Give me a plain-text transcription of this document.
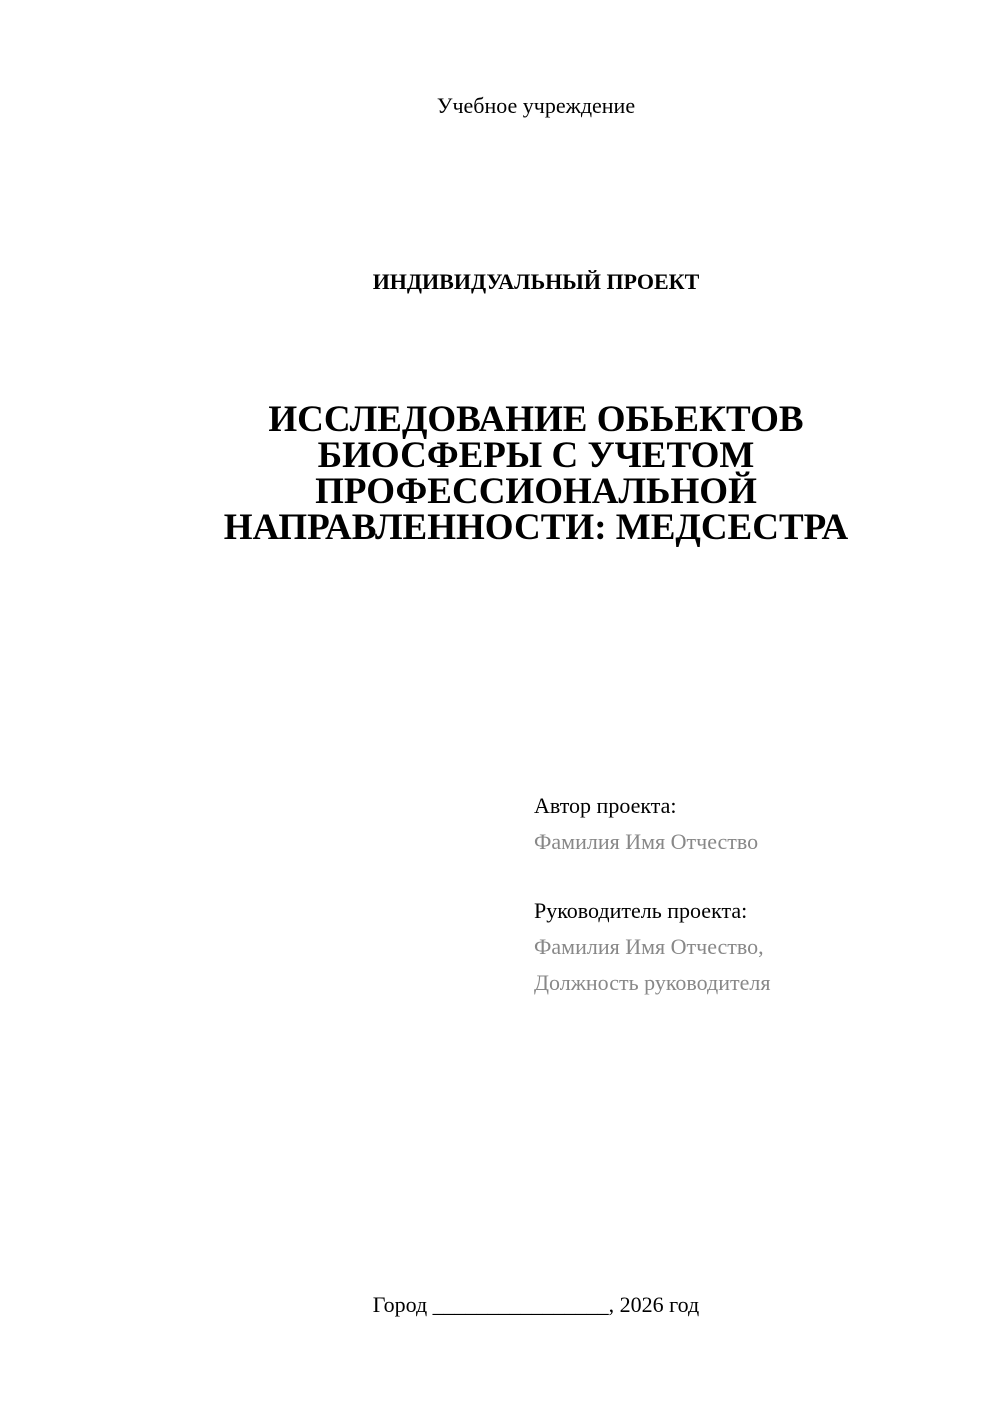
Учебное учреждение
ИНДИВИДУАЛЬНЫЙ ПРОЕКТ
ИССЛЕДОВАНИЕ ОБЬЕКТОВ
БИОСФЕРЫ С УЧЕТОМ
ПРОФЕССИОНАЛЬНОЙ
НАПРАВЛЕННОСТИ: МЕДСЕСТРА
Автор проекта:
Фамилия Имя Отчество
Руководитель проекта:
Фамилия Имя Отчество,
Должность руководителя
Город ________________, 2026 год
